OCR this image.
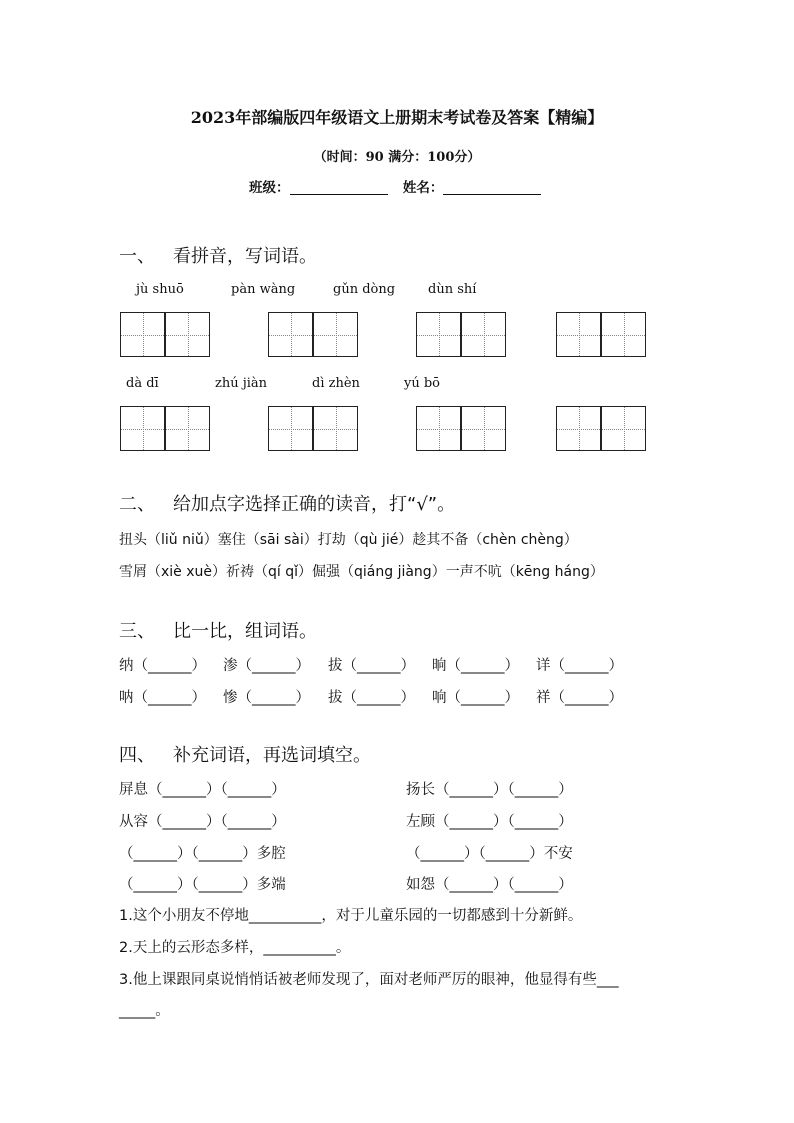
2023年部编版四年级语文上册期末考试卷及答案【精编】
（时间：90 满分：100分）
班级：	姓名：
一、 看拼音，写词语。
jù shuō	pàn wàng	gǔn dòng	dùn shí
dà dī	zhú jiàn	dì zhèn	yú bō
二、 给加点字选择正确的读音，打“√”。
扭头（liǔ niǔ）塞住（sāi sài）打劫（qù jié）趁其不备（chèn chèng）
雪屑（xiè xuè）祈祷（qí qǐ）倔强（qiáng jiàng）一声不吭（kēng háng）
三、 比一比，组词语。
纳（______） 渗（______） 拔（______） 晌（______） 详（______）
呐（______） 惨（______） 拔（______） 响（______） 祥（______）
四、 补充词语，再选词填空。
屏息（______）（______）	扬长（______）（______）
从容（______）（______）	左顾（______）（______）
（______）（______）多腔	（______）（______）不安
（______）（______）多端	如怨（______）（______）
1.这个小朋友不停地__________，对于儿童乐园的一切都感到十分新鲜。
2.天上的云形态多样，__________。
3.他上课跟同桌说悄悄话被老师发现了，面对老师严厉的眼神，他显得有些___
_____。
